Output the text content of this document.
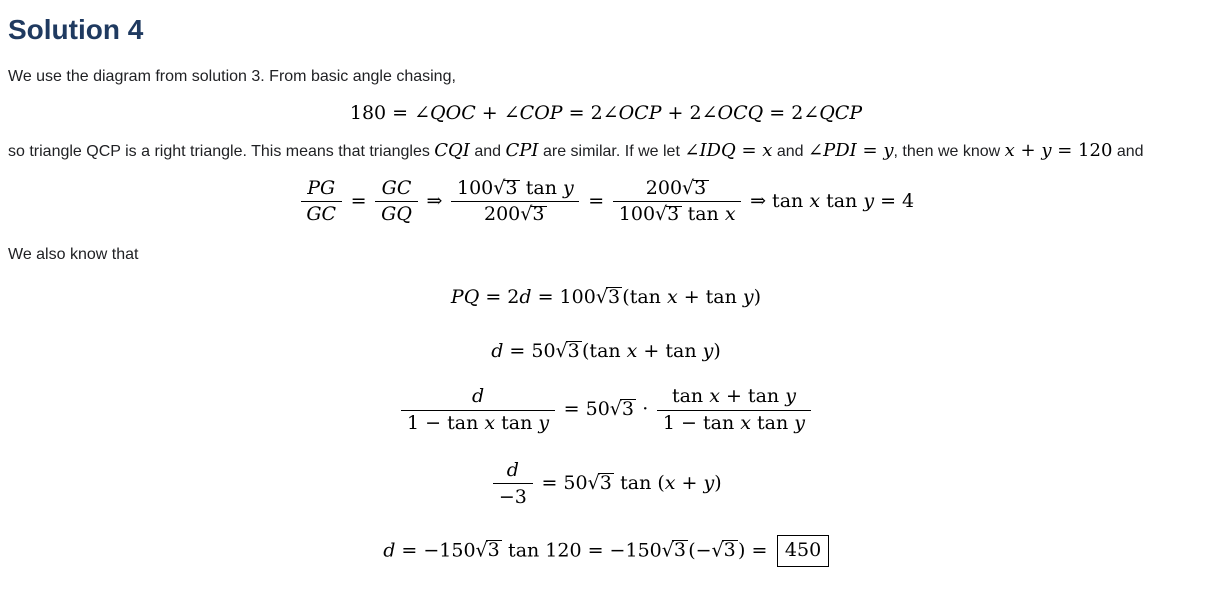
Solution 4

We use the diagram from solution 3. From basic angle chasing,

180 = ∠QOC + ∠COP = 2∠OCP + 2∠OCQ = 2∠QCP

so triangle QCP is a right triangle. This means that triangles CQI and CPI are similar. If we let ∠IDQ = x and ∠PDI = y, then we know x + y = 120 and

$\frac{PG}{GC} = \frac{GC}{GQ}$ ⇒ $\frac{\text{100√3 tan y}}{200√3} = \frac{200√3}{\text{100√3 tan x}}$ ⇒ tan x tan y = 4

We also know that

PQ = 2d = 100√3 (tan x + tan y)
d = 50√3 (tan x + tan y)
$\frac{d}{\text{1 − tan x tan y}} = 50√3 \cdot \frac{\text{tan x + tan y}}{\text{1 − tan x tan y}}$
$\frac{d}{-3} = 50√3$ tan (x + y)
d = −150√3 tan 120 = −150√3 (−√3 ) = 450
